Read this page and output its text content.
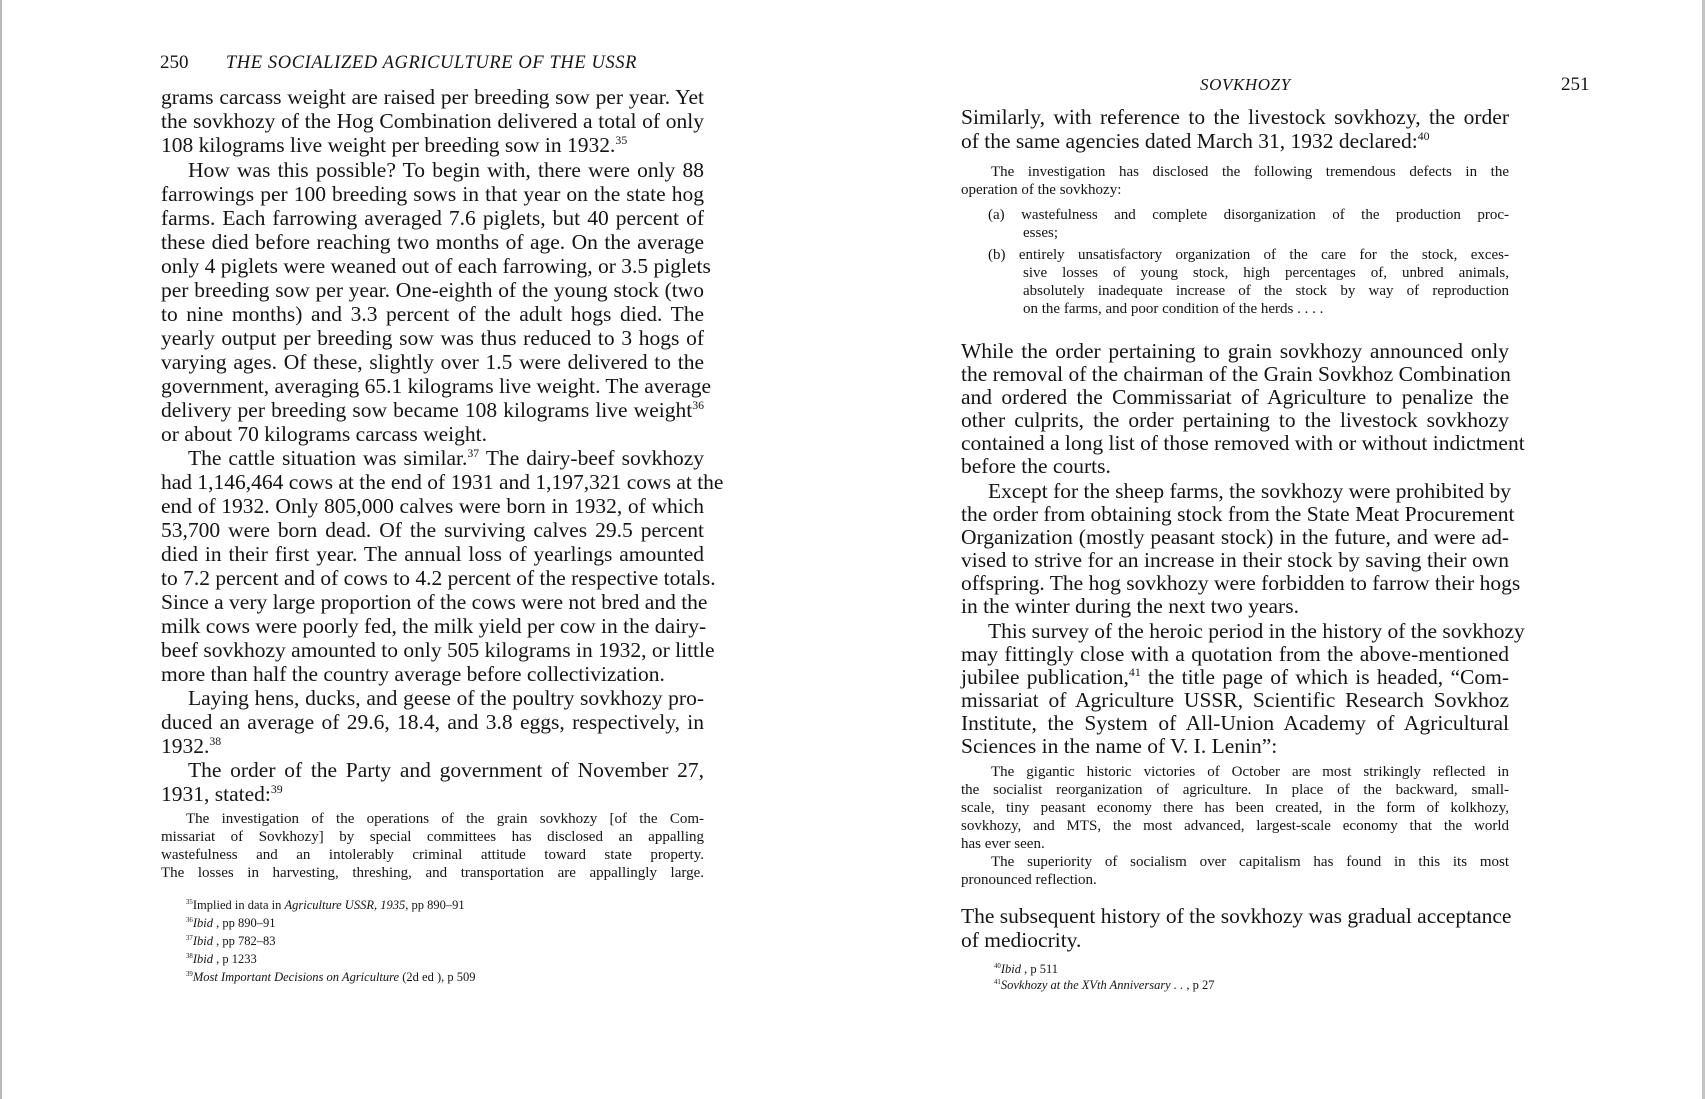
250 THE SOCIALIZED AGRICULTURE OF THE USSR
grams carcass weight are raised per breeding sow per year. Yet
the sovkhozy of the Hog Combination delivered a total of only
108 kilograms live weight per breeding sow in 1932.35
How was this possible? To begin with, there were only 88
farrowings per 100 breeding sows in that year on the state hog
farms. Each farrowing averaged 7.6 piglets, but 40 percent of
these died before reaching two months of age. On the average
only 4 piglets were weaned out of each farrowing, or 3.5 piglets
per breeding sow per year. One-eighth of the young stock (two
to nine months) and 3.3 percent of the adult hogs died. The
yearly output per breeding sow was thus reduced to 3 hogs of
varying ages. Of these, slightly over 1.5 were delivered to the
government, averaging 65.1 kilograms live weight. The average
delivery per breeding sow became 108 kilograms live weight$^{36}$
or about 70 kilograms carcass weight.
The cattle situation was similar.$^{37}$ The dairy-beef sovkhozy
had 1,146,464 cows at the end of 1931 and 1,197,321 cows at the
end of 1932. Only 805,000 calves were born in 1932, of which
53,700 were born dead. Of the surviving calves 29.5 percent
died in their first year. The annual loss of yearlings amounted
to 7.2 percent and of cows to 4.2 percent of the respective totals.
Since a very large proportion of the cows were not bred and the
milk cows were poorly fed, the milk yield per cow in the dairy-
beef sovkhozy amounted to only 505 kilograms in 1932, or little
more than half the country average before collectivization.
Laying hens, ducks, and geese of the poultry sovkhozy pro-
duced an average of 29.6, 18.4, and 3.8 eggs, respectively, in
1932.38
The order of the Party and government of November 27,
1931, stated:$^{39}$
The investigation of the operations of the grain sovkhozy [of the Com-
missariat of Sovkhozy] by special committees has disclosed an appalling
wastefulness and an intolerably criminal attitude toward state property.
The losses in harvesting, threshing, and transportation are appallingly large.
$^{35}$Implied in data in Agriculture USSR, 1935, pp 890–91
$^{36}$Ibid , pp 890–91
$^{37}$Ibid , pp 782–83
$^{38}$Ibid , p 1233
$^{39}$Most Important Decisions on Agriculture (2d ed ), p 509
SOVKHOZY	251
Similarly, with reference to the livestock sovkhozy, the order
of the same agencies dated March 31, 1932 declared:$^{40}$
The investigation has disclosed the following tremendous defects in the
operation of the sovkhozy:
(a) wastefulness and complete disorganization of the production proc-
esses;
(b) entirely unsatisfactory organization of the care for the stock, exces-
sive losses of young stock, high percentages of, unbred animals,
absolutely inadequate increase of the stock by way of reproduction
on the farms, and poor condition of the herds . . . .
While the order pertaining to grain sovkhozy announced only
the removal of the chairman of the Grain Sovkhoz Combination
and ordered the Commissariat of Agriculture to penalize the
other culprits, the order pertaining to the livestock sovkhozy
contained a long list of those removed with or without indictment
before the courts.
Except for the sheep farms, the sovkhozy were prohibited by
the order from obtaining stock from the State Meat Procurement
Organization (mostly peasant stock) in the future, and were ad-
vised to strive for an increase in their stock by saving their own
offspring. The hog sovkhozy were forbidden to farrow their hogs
in the winter during the next two years.
This survey of the heroic period in the history of the sovkhozy
may fittingly close with a quotation from the above-mentioned
jubilee publication,$^{41}$ the title page of which is headed, “Com-
missariat of Agriculture USSR, Scientific Research Sovkhoz
Institute, the System of All-Union Academy of Agricultural
Sciences in the name of V. I. Lenin”:
The gigantic historic victories of October are most strikingly reflected in
the socialist reorganization of agriculture. In place of the backward, small-
scale, tiny peasant economy there has been created, in the form of kolkhozy,
sovkhozy, and MTS, the most advanced, largest-scale economy that the world
has ever seen.
The superiority of socialism over capitalism has found in this its most
pronounced reflection.
The subsequent history of the sovkhozy was gradual acceptance
of mediocrity.
$^{40}$Ibid , p 511
$^{41}$Sovkhozy at the XVth Anniversary . . , p 27
